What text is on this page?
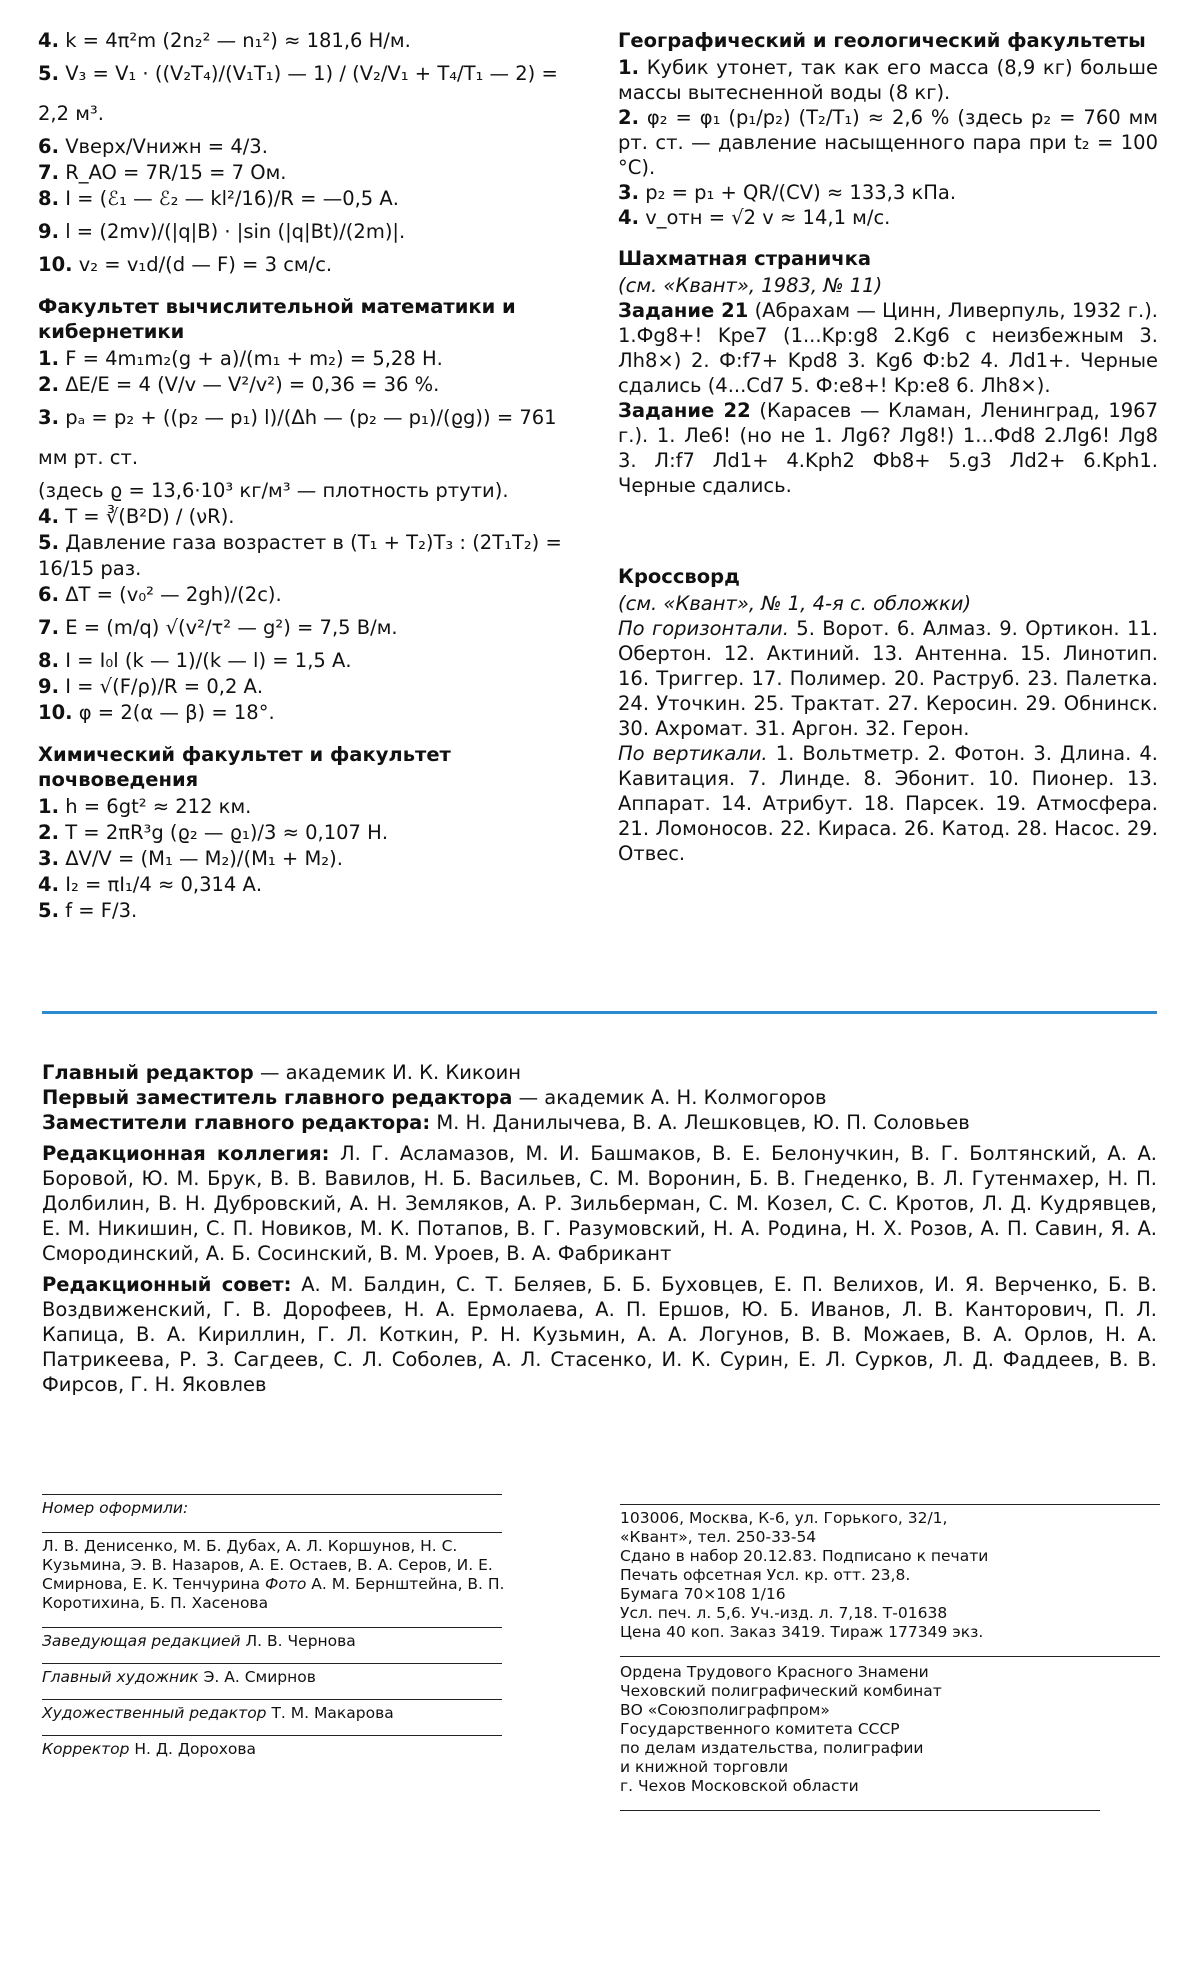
4. k = 4π²m (2n₂² — n₁²) ≈ 181,6 Н/м.

5. V₃ = V₁ · ((V₂T₄)/(V₁T₁) — 1) / (V₂/V₁ + T₄/T₁ — 2) = 2,2 м³.

6. Vверх/Vнижн = 4/3.

7. R_AO = 7R/15 = 7 Ом.

8. I = (ℰ₁ — ℰ₂ — kl²/16)/R = —0,5 А.

9. l = (2mv)/(|q|B) · |sin (|q|Bt)/(2m)|.

10. v₂ = v₁d/(d — F) = 3 см/с.

Факультет вычислительной математики и кибернетики

1. F = 4m₁m₂(g + a)/(m₁ + m₂) = 5,28 Н.

2. ΔE/E = 4 (V/v — V²/v²) = 0,36 = 36 %.

3. pₐ = p₂ + ((p₂ — p₁) l)/(Δh — (p₂ — p₁)/(ϱg)) = 761 мм рт. ст.

(здесь ϱ = 13,6·10³ кг/м³ — плотность ртути).

4. T = ∛(B²D) / (νR).

5. Давление газа возрастет в (T₁ + T₂)T₃ : (2T₁T₂) = 16/15 раз.

6. ΔT = (v₀² — 2gh)/(2c).

7. E = (m/q) √(v²/τ² — g²) = 7,5 В/м.

8. I = I₀l (k — 1)/(k — l) = 1,5 А.

9. I = √(F/ρ)/R = 0,2 А.

10. φ = 2(α — β) = 18°.

Химический факультет и факультет почвоведения

1. h = 6gt² ≈ 212 км.

2. T = 2πR³g (ϱ₂ — ϱ₁)/3 ≈ 0,107 Н.

3. ΔV/V = (M₁ — M₂)/(M₁ + M₂).

4. I₂ = πI₁/4 ≈ 0,314 А.

5. f = F/3.

Географический и геологический факультеты

1. Кубик утонет, так как его масса (8,9 кг) больше массы вытесненной воды (8 кг).

2. φ₂ = φ₁ (p₁/p₂) (T₂/T₁) ≈ 2,6 % (здесь p₂ = 760 мм рт. ст. — давление насыщенного пара при t₂ = 100 °C).

3. p₂ = p₁ + QR/(CV) ≈ 133,3 кПа.

4. v_отн = √2 v ≈ 14,1 м/с.

Шахматная страничка

(см. «Квант», 1983, № 11)

Задание 21 (Абрахам — Цинн, Ливерпуль, 1932 г.). 1.Фg8+! Kpe7 (1...Kp:g8 2.Kg6 с неизбежным 3. Лh8×) 2. Ф:f7+ Kpd8 3. Kg6 Ф:b2 4. Лd1+. Черные сдались (4...Cd7 5. Ф:e8+! Kp:e8 6. Лh8×).

Задание 22 (Карасев — Кламан, Ленинград, 1967 г.). 1. Ле6! (но не 1. Лg6? Лg8!) 1...Фd8 2.Лg6! Лg8 3. Л:f7 Лd1+ 4.Kph2 Фb8+ 5.g3 Лd2+ 6.Kph1. Черные сдались.

Кроссворд

(см. «Квант», № 1, 4-я с. обложки)

По горизонтали. 5. Ворот. 6. Алмаз. 9. Ортикон. 11. Обертон. 12. Актиний. 13. Антенна. 15. Линотип. 16. Триггер. 17. Полимер. 20. Раструб. 23. Палетка. 24. Уточкин. 25. Трактат. 27. Керосин. 29. Обнинск. 30. Ахромат. 31. Аргон. 32. Герон.

По вертикали. 1. Вольтметр. 2. Фотон. 3. Длина. 4. Кавитация. 7. Линде. 8. Эбонит. 10. Пионер. 13. Аппарат. 14. Атрибут. 18. Парсек. 19. Атмосфера. 21. Ломоносов. 22. Кираса. 26. Катод. 28. Насос. 29. Отвес.

Главный редактор — академик И. К. Кикоин

Первый заместитель главного редактора — академик А. Н. Колмогоров

Заместители главного редактора: М. Н. Данилычева, В. А. Лешковцев, Ю. П. Соловьев

Редакционная коллегия: Л. Г. Асламазов, М. И. Башмаков, В. Е. Белонучкин, В. Г. Болтянский, А. А. Боровой, Ю. М. Брук, В. В. Вавилов, Н. Б. Васильев, С. М. Воронин, Б. В. Гнеденко, В. Л. Гутенмахер, Н. П. Долбилин, В. Н. Дубровский, А. Н. Земляков, А. Р. Зильберман, С. М. Козел, С. С. Кротов, Л. Д. Кудрявцев, Е. М. Никишин, С. П. Новиков, М. К. Потапов, В. Г. Разумовский, Н. А. Родина, Н. Х. Розов, А. П. Савин, Я. А. Смородинский, А. Б. Сосинский, В. М. Уроев, В. А. Фабрикант

Редакционный совет: А. М. Балдин, С. Т. Беляев, Б. Б. Буховцев, Е. П. Велихов, И. Я. Верченко, Б. В. Воздвиженский, Г. В. Дорофеев, Н. А. Ермолаева, А. П. Ершов, Ю. Б. Иванов, Л. В. Канторович, П. Л. Капица, В. А. Кириллин, Г. Л. Коткин, Р. Н. Кузьмин, А. А. Логунов, В. В. Можаев, В. А. Орлов, Н. А. Патрикеева, Р. З. Сагдеев, С. Л. Соболев, А. Л. Стасенко, И. К. Сурин, Е. Л. Сурков, Л. Д. Фаддеев, В. В. Фирсов, Г. Н. Яковлев

Номер оформили:

Л. В. Денисенко, М. Б. Дубах, А. Л. Коршунов, Н. С. Кузьмина, Э. В. Назаров, А. Е. Остаев, В. А. Серов, И. Е. Смирнова, Е. К. Тенчурина Фото А. М. Бернштейна, В. П. Коротихина, Б. П. Хасенова

Заведующая редакцией Л. В. Чернова

Главный художник Э. А. Смирнов

Художественный редактор Т. М. Макарова

Корректор Н. Д. Дорохова

103006, Москва, К-6, ул. Горького, 32/1,

«Квант», тел. 250-33-54

Сдано в набор 20.12.83. Подписано к печати

Печать офсетная Усл. кр. отт. 23,8.

Бумага 70×108 1/16

Усл. печ. л. 5,6. Уч.-изд. л. 7,18. Т-01638

Цена 40 коп. Заказ 3419. Тираж 177349 экз.

Ордена Трудового Красного Знамени

Чеховский полиграфический комбинат

ВО «Союзполиграфпром»

Государственного комитета СССР

по делам издательства, полиграфии

и книжной торговли

г. Чехов Московской области
